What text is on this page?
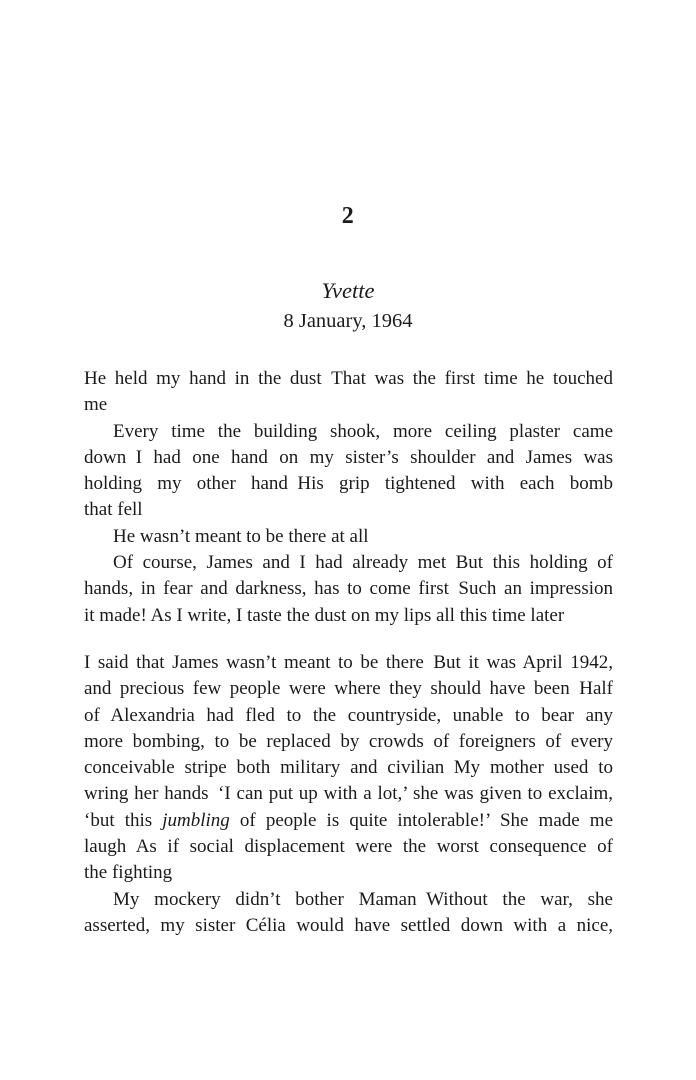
2
Yvette
8 January, 1964
He held my hand in the dust That was the first time he touched
me
Every time the building shook, more ceiling plaster came
down I had one hand on my sister’s shoulder and James was
holding my other hand His grip tightened with each bomb
that fell
He wasn’t meant to be there at all
Of course, James and I had already met But this holding of
hands, in fear and darkness, has to come first Such an impression
it made! As I write, I taste the dust on my lips all this time later
I said that James wasn’t meant to be there But it was April 1942,
and precious few people were where they should have been Half
of Alexandria had fled to the countryside, unable to bear any
more bombing, to be replaced by crowds of foreigners of every
conceivable stripe both military and civilian My mother used to
wring her hands ‘I can put up with a lot,’ she was given to exclaim,
‘but this jumbling of people is quite intolerable!’ She made me
laugh As if social displacement were the worst consequence of
the fighting
My mockery didn’t bother Maman Without the war, she
asserted, my sister Célia would have settled down with a nice,
